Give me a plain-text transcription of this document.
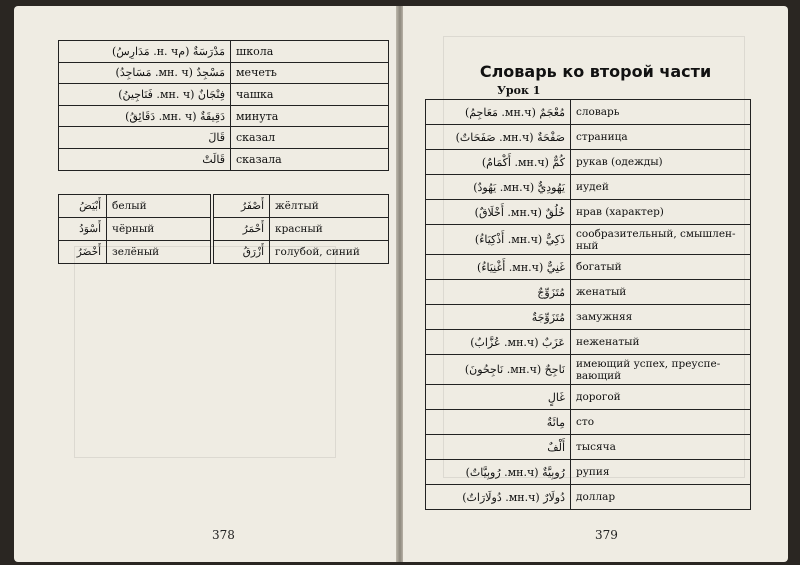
مَدْرَسَةٌ (مн. ч. مَدَارِسُ)	школа
مَسْجِدٌ (мн. ч. مَسَاجِدُ)	мечеть
فِنْجَانٌ (мн. ч. فَنَاجِينُ)	чашка
دَقِيقَةٌ (мн. ч. دَقَائِقُ)	минута
قَالَ	сказал
قَالَتْ	сказала
أَبْيَضُ	белый	أَصْفَرُ	жёлтый
أَسْوَدُ	чёрный	أَحْمَرُ	красный
أَخْضَرُ	зелёный	أَزْرَقُ	голубой, синий
378
Словарь ко второй части
Урок 1
مُعْجَمٌ (мн.ч. مَعَاجِمُ)	словарь
صَفْحَةٌ (мн.ч. صَفَحَاتٌ)	страница
كُمٌّ (мн.ч. أَكْمَامٌ)	рукав (одежды)
يَهُودِيٌّ (мн.ч. يَهُودٌ)	иудей
خُلُقٌ (мн.ч. أَخْلَاقٌ)	нрав (характер)
ذَكِيٌّ (мн.ч. أَذْكِيَاءُ)	сообразительный, смышлен-ный
غَنِيٌّ (мн.ч. أَغْنِيَاءُ)	богатый
مُتَزَوِّجٌ	женатый
مُتَزَوِّجَةٌ	замужняя
عَزَبٌ (мн.ч. عُزَّابٌ)	неженатый
نَاجِحٌ (мн.ч. نَاجِحُونَ)	имеющий успех, преуспе-вающий
غَالٍ	дорогой
مِائَةٌ	сто
أَلْفٌ	тысяча
رُوبِيَّةٌ (мн.ч. رُوبِيَّاتٌ)	рупия
دُولَارٌ (мн.ч. دُولَارَاتٌ)	доллар
379
